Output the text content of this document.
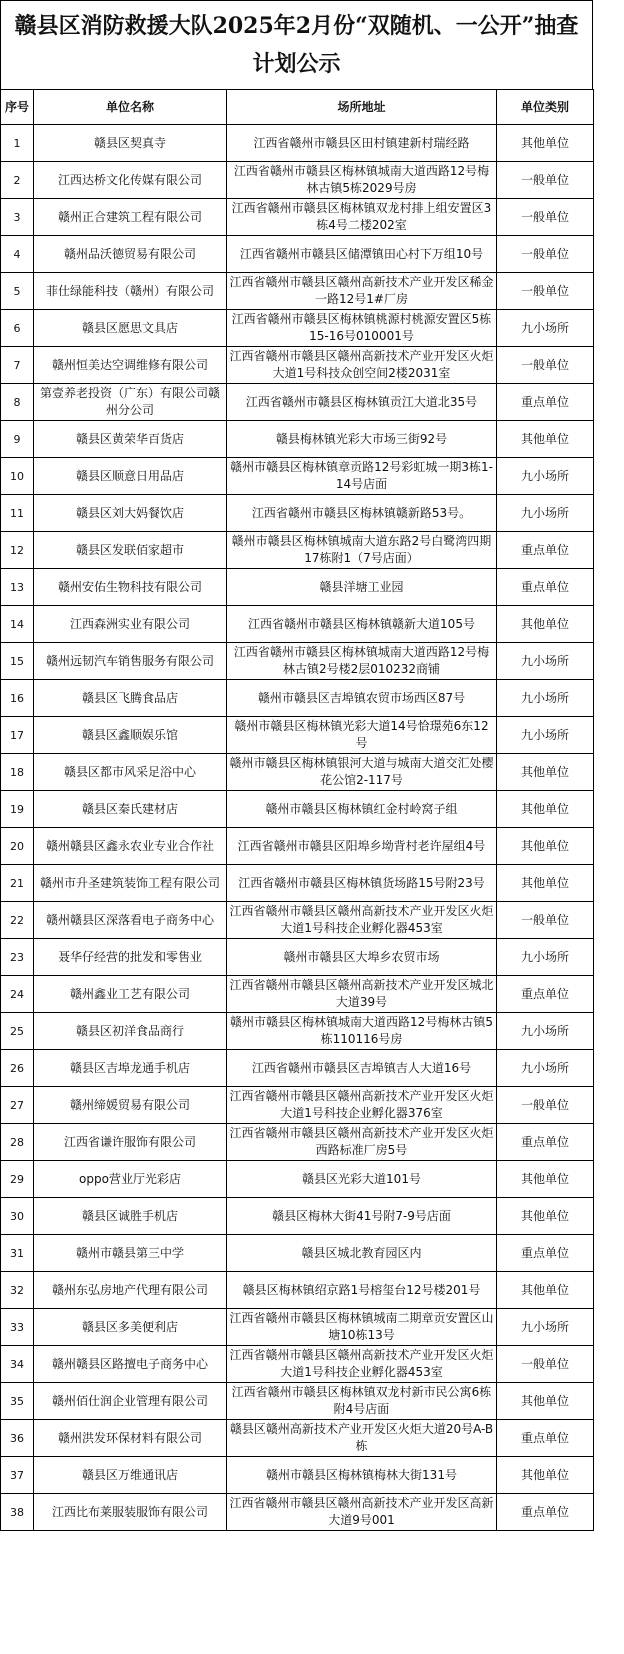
赣县区消防救援大队2025年2月份“双随机、一公开”抽查计划公示
序号	单位名称	场所地址	单位类别
1	赣县区契真寺	江西省赣州市赣县区田村镇建新村瑞经路	其他单位
2	江西达桥文化传媒有限公司	江西省赣州市赣县区梅林镇城南大道西路12号梅林古镇5栋2029号房	一般单位
3	赣州正合建筑工程有限公司	江西省赣州市赣县区梅林镇双龙村排上组安置区3栋4号二楼202室	一般单位
4	赣州品沃德贸易有限公司	江西省赣州市赣县区储潭镇田心村下万组10号	一般单位
5	菲仕绿能科技（赣州）有限公司	江西省赣州市赣县区赣州高新技术产业开发区稀金一路12号1#厂房	一般单位
6	赣县区愿思文具店	江西省赣州市赣县区梅林镇桃源村桃源安置区5栋15-16号010001号	九小场所
7	赣州恒美达空调维修有限公司	江西省赣州市赣县区赣州高新技术产业开发区火炬大道1号科技众创空间2楼2031室	一般单位
8	第壹养老投资（广东）有限公司赣州分公司	江西省赣州市赣县区梅林镇贡江大道北35号	重点单位
9	赣县区黄荣华百货店	赣县梅林镇光彩大市场三街92号	其他单位
10	赣县区顺意日用品店	赣州市赣县区梅林镇章贡路12号彩虹城一期3栋1-14号店面	九小场所
11	赣县区刘大妈餐饮店	江西省赣州市赣县区梅林镇赣新路53号。	九小场所
12	赣县区发联佰家超市	赣州市赣县区梅林镇城南大道东路2号白鹭湾四期17栋附1（7号店面）	重点单位
13	赣州安佑生物科技有限公司	赣县洋塘工业园	重点单位
14	江西森洲实业有限公司	江西省赣州市赣县区梅林镇赣新大道105号	其他单位
15	赣州远韧汽车销售服务有限公司	江西省赣州市赣县区梅林镇城南大道西路12号梅林古镇2号楼2层010232商铺	九小场所
16	赣县区飞腾食品店	赣州市赣县区吉埠镇农贸市场西区87号	九小场所
17	赣县区鑫顺娱乐馆	赣州市赣县区梅林镇光彩大道14号恰璟苑6东12号	九小场所
18	赣县区都市风采足浴中心	赣州市赣县区梅林镇银河大道与城南大道交汇处樱花公馆2-117号	其他单位
19	赣县区秦氏建材店	赣州市赣县区梅林镇红金村岭窝子组	其他单位
20	赣州赣县区鑫永农业专业合作社	江西省赣州市赣县区阳埠乡坳背村老许屋组4号	其他单位
21	赣州市升圣建筑装饰工程有限公司	江西省赣州市赣县区梅林镇货场路15号附23号	其他单位
22	赣州赣县区深落看电子商务中心	江西省赣州市赣县区赣州高新技术产业开发区火炬大道1号科技企业孵化器453室	一般单位
23	聂华仔经营的批发和零售业	赣州市赣县区大埠乡农贸市场	九小场所
24	赣州鑫业工艺有限公司	江西省赣州市赣县区赣州高新技术产业开发区城北大道39号	重点单位
25	赣县区初洋食品商行	赣州市赣县区梅林镇城南大道西路12号梅林古镇5栋110116号房	九小场所
26	赣县区吉埠龙通手机店	江西省赣州市赣县区吉埠镇吉人大道16号	九小场所
27	赣州缔媛贸易有限公司	江西省赣州市赣县区赣州高新技术产业开发区火炬大道1号科技企业孵化器376室	一般单位
28	江西省谦许服饰有限公司	江西省赣州市赣县区赣州高新技术产业开发区火炬西路标准厂房5号	重点单位
29	oppo营业厅光彩店	赣县区光彩大道101号	其他单位
30	赣县区诚胜手机店	赣县区梅林大街41号附7-9号店面	其他单位
31	赣州市赣县第三中学	赣县区城北教育园区内	重点单位
32	赣州东弘房地产代理有限公司	赣县区梅林镇绍京路1号榕玺台12号楼201号	其他单位
33	赣县区多美便利店	江西省赣州市赣县区梅林镇城南二期章贡安置区山塘10栋13号	九小场所
34	赣州赣县区路擅电子商务中心	江西省赣州市赣县区赣州高新技术产业开发区火炬大道1号科技企业孵化器453室	一般单位
35	赣州佰仕润企业管理有限公司	江西省赣州市赣县区梅林镇双龙村新市民公寓6栋附4号店面	其他单位
36	赣州洪发环保材料有限公司	赣县区赣州高新技术产业开发区火炬大道20号A-B栋	重点单位
37	赣县区万维通讯店	赣州市赣县区梅林镇梅林大街131号	其他单位
38	江西比布莱服装服饰有限公司	江西省赣州市赣县区赣州高新技术产业开发区高新大道9号001	重点单位
